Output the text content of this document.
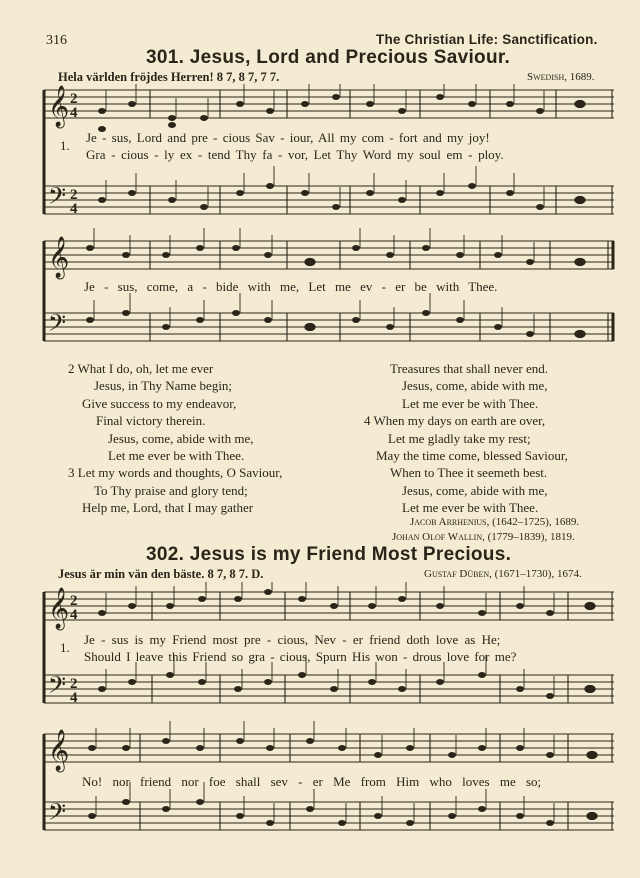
316	The Christian Life: Sanctification.
301. Jesus, Lord and Precious Saviour.
Hela världen fröjdes Herren! 8 7, 8 7, 7 7.	Swedish, 1689.
𝄞
𝄢
2
4
2
4
𝄞
𝄢
1.
Je - sus, Lord and pre - cious Sav - iour, All my com - fort and my joy!
Gra - cious - ly ex - tend Thy fa - vor, Let Thy Word my soul em - ploy.
Je - sus, come, a - bide with me, Let me ev - er be with Thee.
2 What I do, oh, let me ever
Jesus, in Thy Name begin;
Give success to my endeavor,
Final victory therein.
Jesus, come, abide with me,
Let me ever be with Thee.
3 Let my words and thoughts, O Saviour,
To Thy praise and glory tend;
Help me, Lord, that I may gather
Treasures that shall never end.
Jesus, come, abide with me,
Let me ever be with Thee.
4 When my days on earth are over,
Let me gladly take my rest;
May the time come, blessed Saviour,
When to Thee it seemeth best.
Jesus, come, abide with me,
Let me ever be with Thee.
Jacob Arrhenius, (1642–1725), 1689.
Johan Olof Wallin, (1779–1839), 1819.
302. Jesus is my Friend Most Precious.
Jesus är min vän den bäste. 8 7, 8 7. D.	Gustaf Düben, (1671–1730), 1674.
𝄞
𝄢
2
4
2
4
𝄞
𝄢
1.
Je - sus is my Friend most pre - cious, Nev - er friend doth love as He;
Should I leave this Friend so gra - cious, Spurn His won - drous love for me?
No! nor friend nor foe shall sev - er Me from Him who loves me so;
